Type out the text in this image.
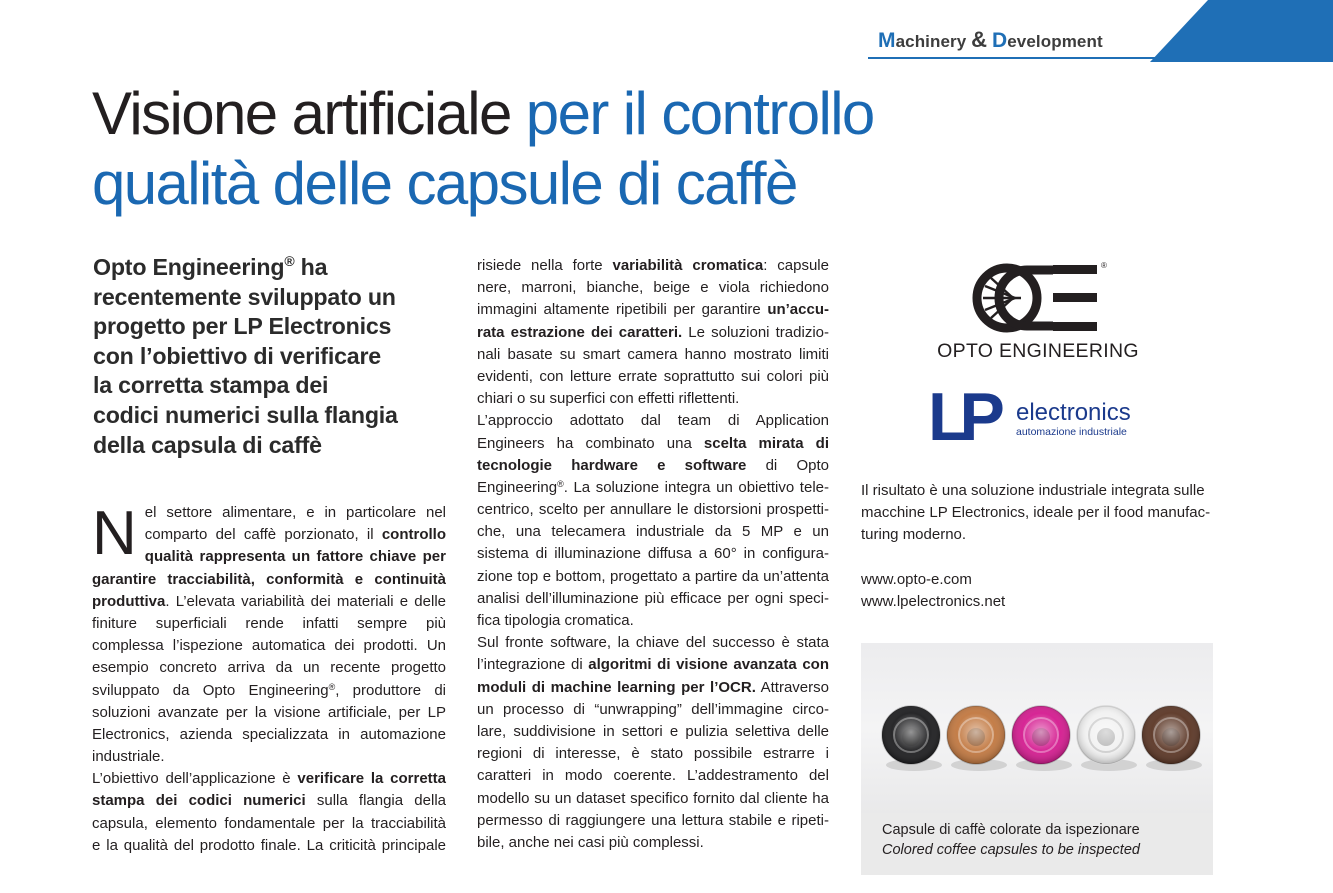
Machinery & Development
Visione artificiale per il controllo
qualità delle capsule di caffè
Opto Engineering® ha
recentemente sviluppato un
progetto per LP Electronics
con l’obiettivo di verificare
la corretta stampa dei
codici numerici sulla flangia
della capsula di caffè
N el settore alimentare, e in particolare nel
comparto del caffè porzionato, il controllo
qualità rappresenta un fattore chiave per
garantire tracciabilità, conformità e continuità
produttiva. L’elevata variabilità dei materiali e delle
finiture superficiali rende infatti sempre più
complessa l’ispezione automatica dei prodotti. Un
esempio concreto arriva da un recente progetto
sviluppato da Opto Engineering®, produttore di
soluzioni avanzate per la visione artificiale, per LP
Electronics, azienda specializzata in automazione
industriale.
L’obiettivo dell’applicazione è verificare la corretta
stampa dei codici numerici sulla flangia della
capsula, elemento fondamentale per la tracciabilità
e la qualità del prodotto finale. La criticità principale
risiede nella forte variabilità cromatica: capsule
nere, marroni, bianche, beige e viola richiedono
immagini altamente ripetibili per garantire un’accu-
rata estrazione dei caratteri. Le soluzioni tradizio-
nali basate su smart camera hanno mostrato limiti
evidenti, con letture errate soprattutto sui colori più
chiari o su superfici con effetti riflettenti.
L’approccio adottato dal team di Application
Engineers ha combinato una scelta mirata di
tecnologie hardware e software di Opto
Engineering®. La soluzione integra un obiettivo tele-
centrico, scelto per annullare le distorsioni prospetti-
che, una telecamera industriale da 5 MP e un
sistema di illuminazione diffusa a 60° in configura-
zione top e bottom, progettato a partire da un’attenta
analisi dell’illuminazione più efficace per ogni speci-
fica tipologia cromatica.
Sul fronte software, la chiave del successo è stata
l’integrazione di algoritmi di visione avanzata con
moduli di machine learning per l’OCR. Attraverso
un processo di “unwrapping” dell’immagine circo-
lare, suddivisione in settori e pulizia selettiva delle
regioni di interesse, è stato possibile estrarre i
caratteri in modo coerente. L’addestramento del
modello su un dataset specifico fornito dal cliente ha
permesso di raggiungere una lettura stabile e ripeti-
bile, anche nei casi più complessi.
®
OPTO ENGINEERING
LP electronics
automazione industriale
Il risultato è una soluzione industriale integrata sulle
macchine LP Electronics, ideale per il food manufac-
turing moderno.
www.opto-e.com
www.lpelectronics.net
Capsule di caffè colorate da ispezionare
Colored coffee capsules to be inspected
